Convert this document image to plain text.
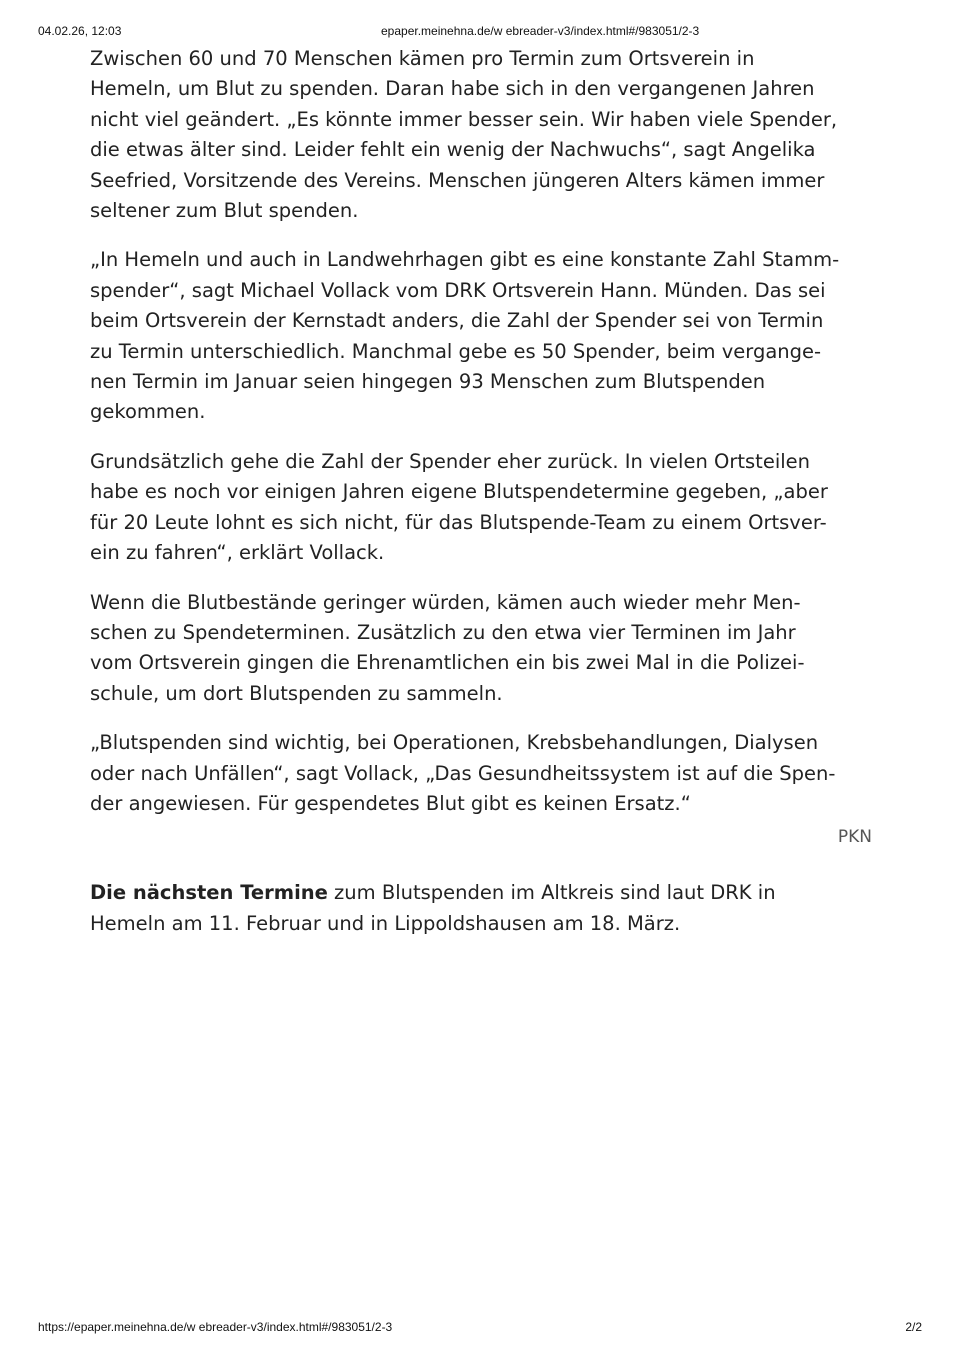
04.02.26, 12:03	epaper.meinehna.de/w ebreader-v3/index.html#/983051/2-3

Zwischen 60 und 70 Menschen kämen pro Termin zum Ortsverein in
Hemeln, um Blut zu spenden. Daran habe sich in den vergangenen Jahren
nicht viel geändert. „Es könnte immer besser sein. Wir haben viele Spender,
die etwas älter sind. Leider fehlt ein wenig der Nachwuchs“, sagt Angelika
Seefried, Vorsitzende des Vereins. Menschen jüngeren Alters kämen immer
seltener zum Blut spenden.

„In Hemeln und auch in Landwehrhagen gibt es eine konstante Zahl Stamm-
spender“, sagt Michael Vollack vom DRK Ortsverein Hann. Münden. Das sei
beim Ortsverein der Kernstadt anders, die Zahl der Spender sei von Termin
zu Termin unterschiedlich. Manchmal gebe es 50 Spender, beim vergange-
nen Termin im Januar seien hingegen 93 Menschen zum Blutspenden
gekommen.

Grundsätzlich gehe die Zahl der Spender eher zurück. In vielen Ortsteilen
habe es noch vor einigen Jahren eigene Blutspendetermine gegeben, „aber
für 20 Leute lohnt es sich nicht, für das Blutspende-Team zu einem Ortsver-
ein zu fahren“, erklärt Vollack.

Wenn die Blutbestände geringer würden, kämen auch wieder mehr Men-
schen zu Spendeterminen. Zusätzlich zu den etwa vier Terminen im Jahr
vom Ortsverein gingen die Ehrenamtlichen ein bis zwei Mal in die Polizei-
schule, um dort Blutspenden zu sammeln.

„Blutspenden sind wichtig, bei Operationen, Krebsbehandlungen, Dialysen
oder nach Unfällen“, sagt Vollack, „Das Gesundheitssystem ist auf die Spen-
der angewiesen. Für gespendetes Blut gibt es keinen Ersatz.“

PKN
Die nächsten Termine zum Blutspenden im Altkreis sind laut DRK in
Hemeln am 11. Februar und in Lippoldshausen am 18. März.
https://epaper.meinehna.de/w ebreader-v3/index.html#/983051/2-3	2/2
